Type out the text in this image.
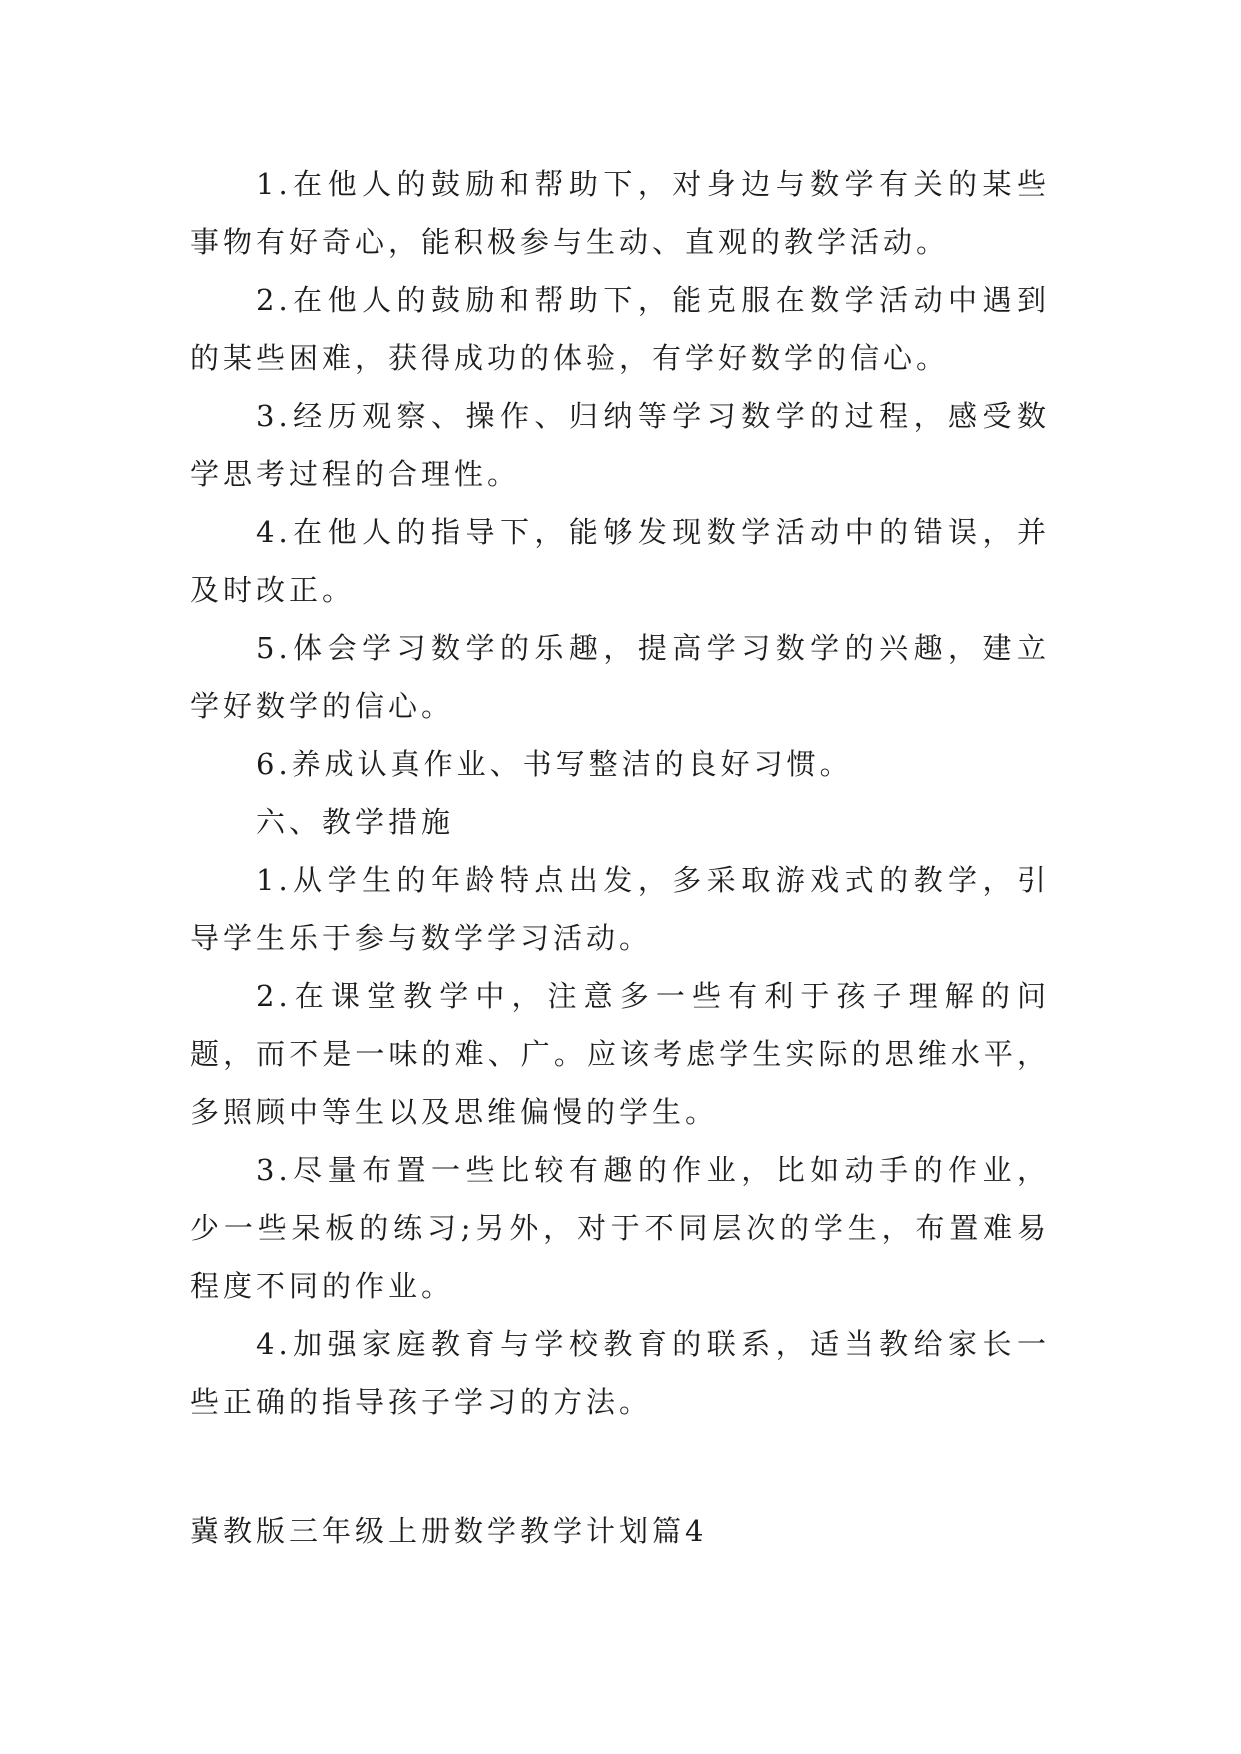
1.在他人的鼓励和帮助下，对身边与数学有关的某些事物有好奇心，能积极参与生动、直观的教学活动。

2.在他人的鼓励和帮助下，能克服在数学活动中遇到的某些困难，获得成功的体验，有学好数学的信心。

3.经历观察、操作、归纳等学习数学的过程，感受数学思考过程的合理性。

4.在他人的指导下，能够发现数学活动中的错误，并及时改正。

5.体会学习数学的乐趣，提高学习数学的兴趣，建立学好数学的信心。

6.养成认真作业、书写整洁的良好习惯。

六、教学措施

1.从学生的年龄特点出发，多采取游戏式的教学，引导学生乐于参与数学学习活动。

2.在课堂教学中，注意多一些有利于孩子理解的问题，而不是一味的难、广。应该考虑学生实际的思维水平，多照顾中等生以及思维偏慢的学生。

3.尽量布置一些比较有趣的作业，比如动手的作业，少一些呆板的练习;另外，对于不同层次的学生，布置难易程度不同的作业。

4.加强家庭教育与学校教育的联系，适当教给家长一些正确的指导孩子学习的方法。

冀教版三年级上册数学教学计划篇4
